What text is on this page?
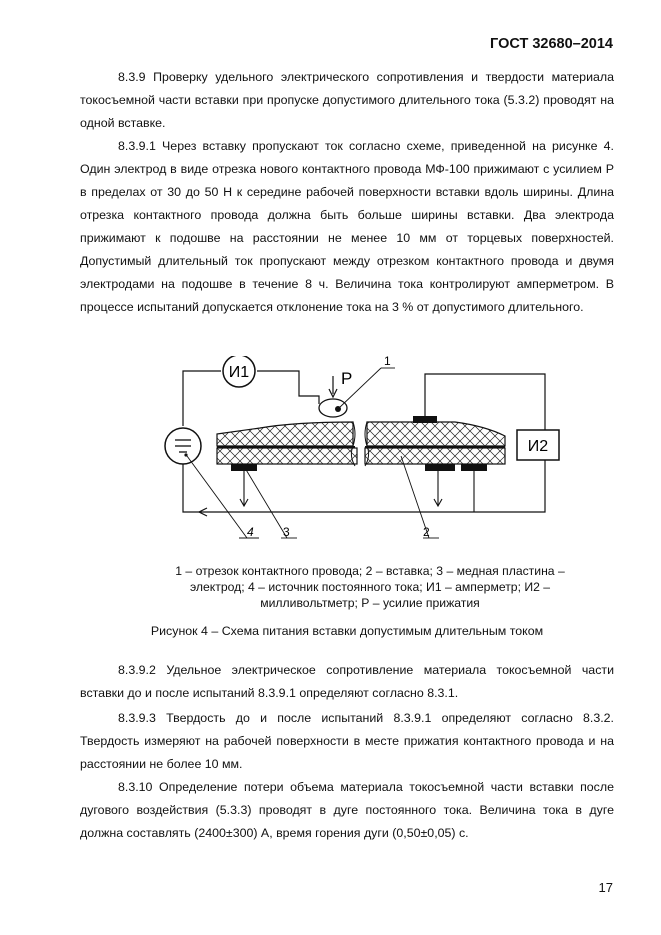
ГОСТ 32680–2014
8.3.9 Проверку удельного электрического сопротивления и твердости материала токосъемной части вставки при пропуске допустимого длительного тока (5.3.2) проводят на одной вставке.
8.3.9.1 Через вставку пропускают ток согласно схеме, приведенной на рисунке 4. Один электрод в виде отрезка нового контактного провода МФ-100 прижимают с усилием Р в пределах от 30 до 50 Н к середине рабочей поверхности вставки вдоль ширины. Длина отрезка контактного провода должна быть больше ширины вставки. Два электрода прижимают к подошве на расстоянии не менее 10 мм от торцевых поверхностей. Допустимый длительный ток пропускают между отрезком контактного провода и двумя электродами на подошве в течение 8 ч. Величина тока контролируют амперметром. В процессе испытаний допускается отклонение тока на 3 % от допустимого длительного.
Р
1
И1
И2
4 3	2
1 – отрезок контактного провода; 2 – вставка; 3 – медная пластина –
электрод; 4 – источник постоянного тока; И1 – амперметр; И2 –
милливольтметр; Р – усилие прижатия
Рисунок 4 – Схема питания вставки допустимым длительным током
8.3.9.2 Удельное электрическое сопротивление материала токосъемной части вставки до и после испытаний 8.3.9.1 определяют согласно 8.3.1.
8.3.9.3 Твердость до и после испытаний 8.3.9.1 определяют согласно 8.3.2. Твердость измеряют на рабочей поверхности в месте прижатия контактного провода и на расстоянии не более 10 мм.
8.3.10 Определение потери объема материала токосъемной части вставки после дугового воздействия (5.3.3) проводят в дуге постоянного тока. Величина тока в дуге должна составлять (2400±300) А, время горения дуги (0,50±0,05) с.
17
